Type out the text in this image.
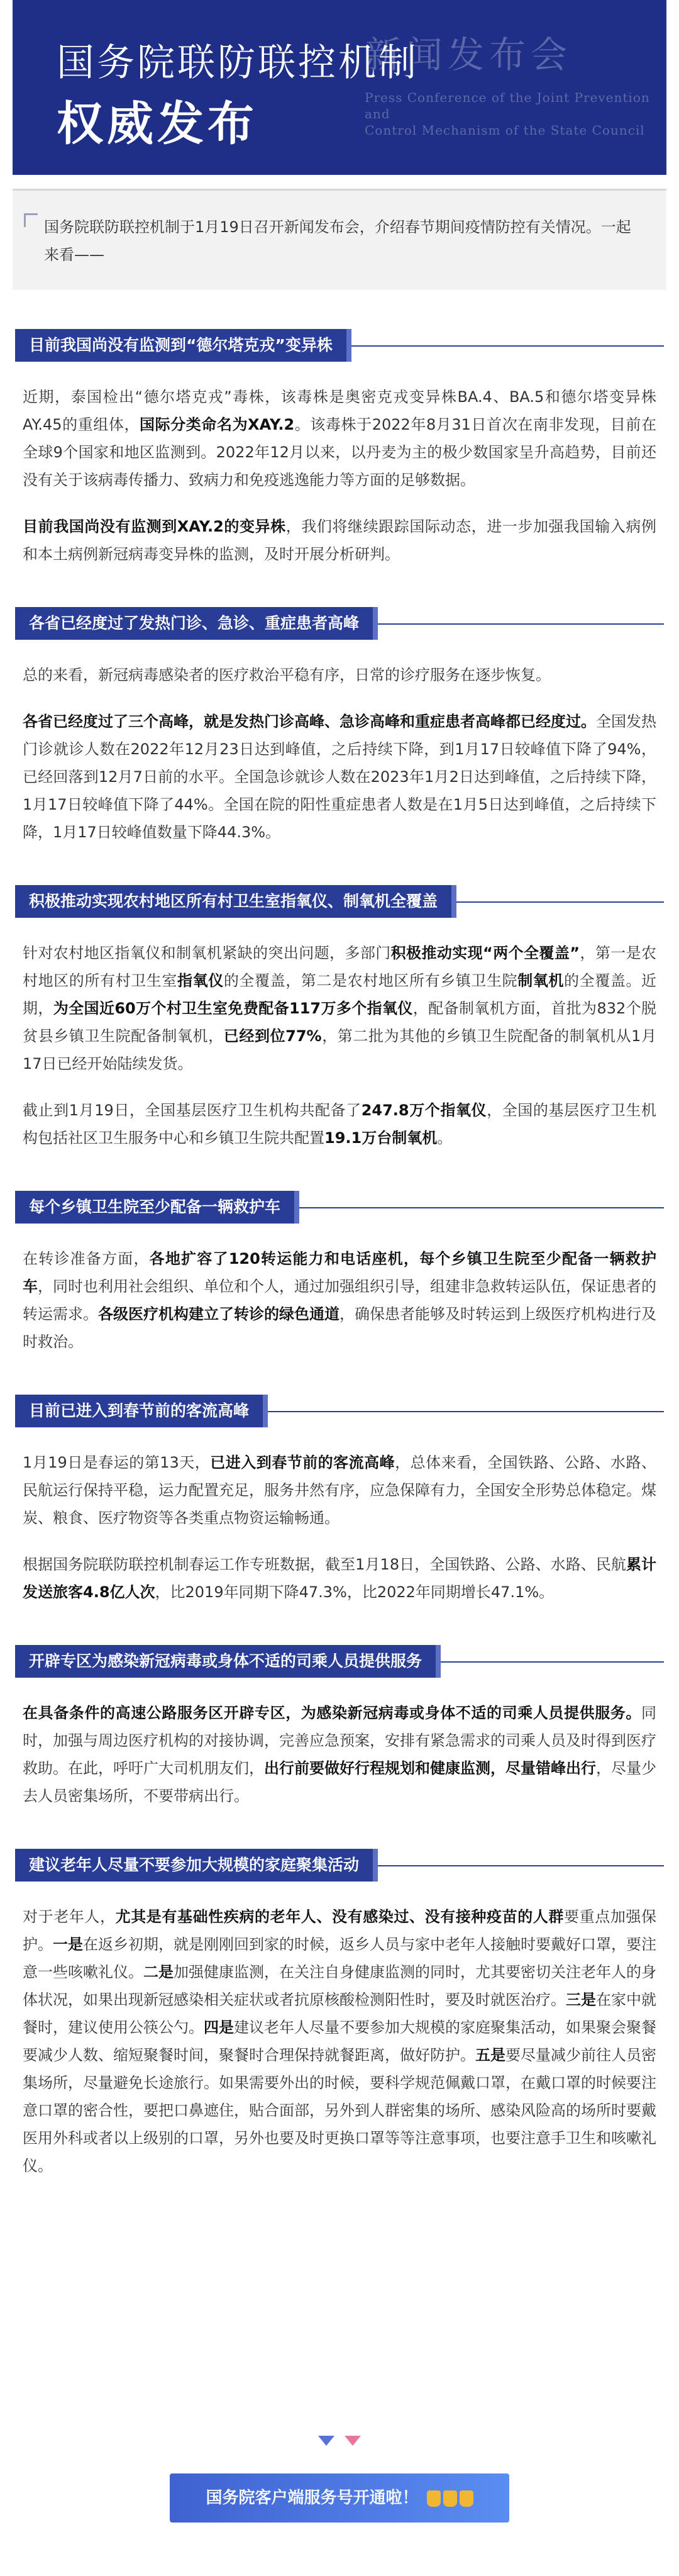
新闻发布会
Press Conference of the Joint Prevention and
Control Mechanism of the State Council
国务院联防联控机制
权威发布

国务院联防联控机制于1月19日召开新闻发布会，介绍春节期间疫情防控有关情况。一起来看——

目前我国尚没有监测到“德尔塔克戎”变异株

近期，泰国检出“德尔塔克戎”毒株，该毒株是奥密克戎变异株BA.4、BA.5和德尔塔变异株AY.45的重组体，国际分类命名为XAY.2。该毒株于2022年8月31日首次在南非发现，目前在全球9个国家和地区监测到。2022年12月以来，以丹麦为主的极少数国家呈升高趋势，目前还没有关于该病毒传播力、致病力和免疫逃逸能力等方面的足够数据。

目前我国尚没有监测到XAY.2的变异株，我们将继续跟踪国际动态，进一步加强我国输入病例和本土病例新冠病毒变异株的监测，及时开展分析研判。

各省已经度过了发热门诊、急诊、重症患者高峰

总的来看，新冠病毒感染者的医疗救治平稳有序，日常的诊疗服务在逐步恢复。

各省已经度过了三个高峰，就是发热门诊高峰、急诊高峰和重症患者高峰都已经度过。全国发热门诊就诊人数在2022年12月23日达到峰值，之后持续下降，到1月17日较峰值下降了94%，已经回落到12月7日前的水平。全国急诊就诊人数在2023年1月2日达到峰值，之后持续下降，1月17日较峰值下降了44%。全国在院的阳性重症患者人数是在1月5日达到峰值，之后持续下降，1月17日较峰值数量下降44.3%。

积极推动实现农村地区所有村卫生室指氧仪、制氧机全覆盖

针对农村地区指氧仪和制氧机紧缺的突出问题，多部门积极推动实现“两个全覆盖”，第一是农村地区的所有村卫生室指氧仪的全覆盖，第二是农村地区所有乡镇卫生院制氧机的全覆盖。近期，为全国近60万个村卫生室免费配备117万多个指氧仪，配备制氧机方面，首批为832个脱贫县乡镇卫生院配备制氧机，已经到位77%，第二批为其他的乡镇卫生院配备的制氧机从1月17日已经开始陆续发货。

截止到1月19日，全国基层医疗卫生机构共配备了247.8万个指氧仪，全国的基层医疗卫生机构包括社区卫生服务中心和乡镇卫生院共配置19.1万台制氧机。

每个乡镇卫生院至少配备一辆救护车

在转诊准备方面，各地扩容了120转运能力和电话座机，每个乡镇卫生院至少配备一辆救护车，同时也利用社会组织、单位和个人，通过加强组织引导，组建非急救转运队伍，保证患者的转运需求。各级医疗机构建立了转诊的绿色通道，确保患者能够及时转运到上级医疗机构进行及时救治。

目前已进入到春节前的客流高峰

1月19日是春运的第13天，已进入到春节前的客流高峰，总体来看，全国铁路、公路、水路、民航运行保持平稳，运力配置充足，服务井然有序，应急保障有力，全国安全形势总体稳定。煤炭、粮食、医疗物资等各类重点物资运输畅通。

根据国务院联防联控机制春运工作专班数据，截至1月18日，全国铁路、公路、水路、民航累计发送旅客4.8亿人次，比2019年同期下降47.3%，比2022年同期增长47.1%。

开辟专区为感染新冠病毒或身体不适的司乘人员提供服务

在具备条件的高速公路服务区开辟专区，为感染新冠病毒或身体不适的司乘人员提供服务。同时，加强与周边医疗机构的对接协调，完善应急预案，安排有紧急需求的司乘人员及时得到医疗救助。在此，呼吁广大司机朋友们，出行前要做好行程规划和健康监测，尽量错峰出行，尽量少去人员密集场所，不要带病出行。

建议老年人尽量不要参加大规模的家庭聚集活动

对于老年人，尤其是有基础性疾病的老年人、没有感染过、没有接种疫苗的人群要重点加强保护。一是在返乡初期，就是刚刚回到家的时候，返乡人员与家中老年人接触时要戴好口罩，要注意一些咳嗽礼仪。二是加强健康监测，在关注自身健康监测的同时，尤其要密切关注老年人的身体状况，如果出现新冠感染相关症状或者抗原核酸检测阳性时，要及时就医治疗。三是在家中就餐时，建议使用公筷公勺。四是建议老年人尽量不要参加大规模的家庭聚集活动，如果聚会聚餐要减少人数、缩短聚餐时间，聚餐时合理保持就餐距离，做好防护。五是要尽量减少前往人员密集场所，尽量避免长途旅行。如果需要外出的时候，要科学规范佩戴口罩，在戴口罩的时候要注意口罩的密合性，要把口鼻遮住，贴合面部，另外到人群密集的场所、感染风险高的场所时要戴医用外科或者以上级别的口罩，另外也要及时更换口罩等等注意事项，也要注意手卫生和咳嗽礼仪。

国务院客户端服务号开通啦！
